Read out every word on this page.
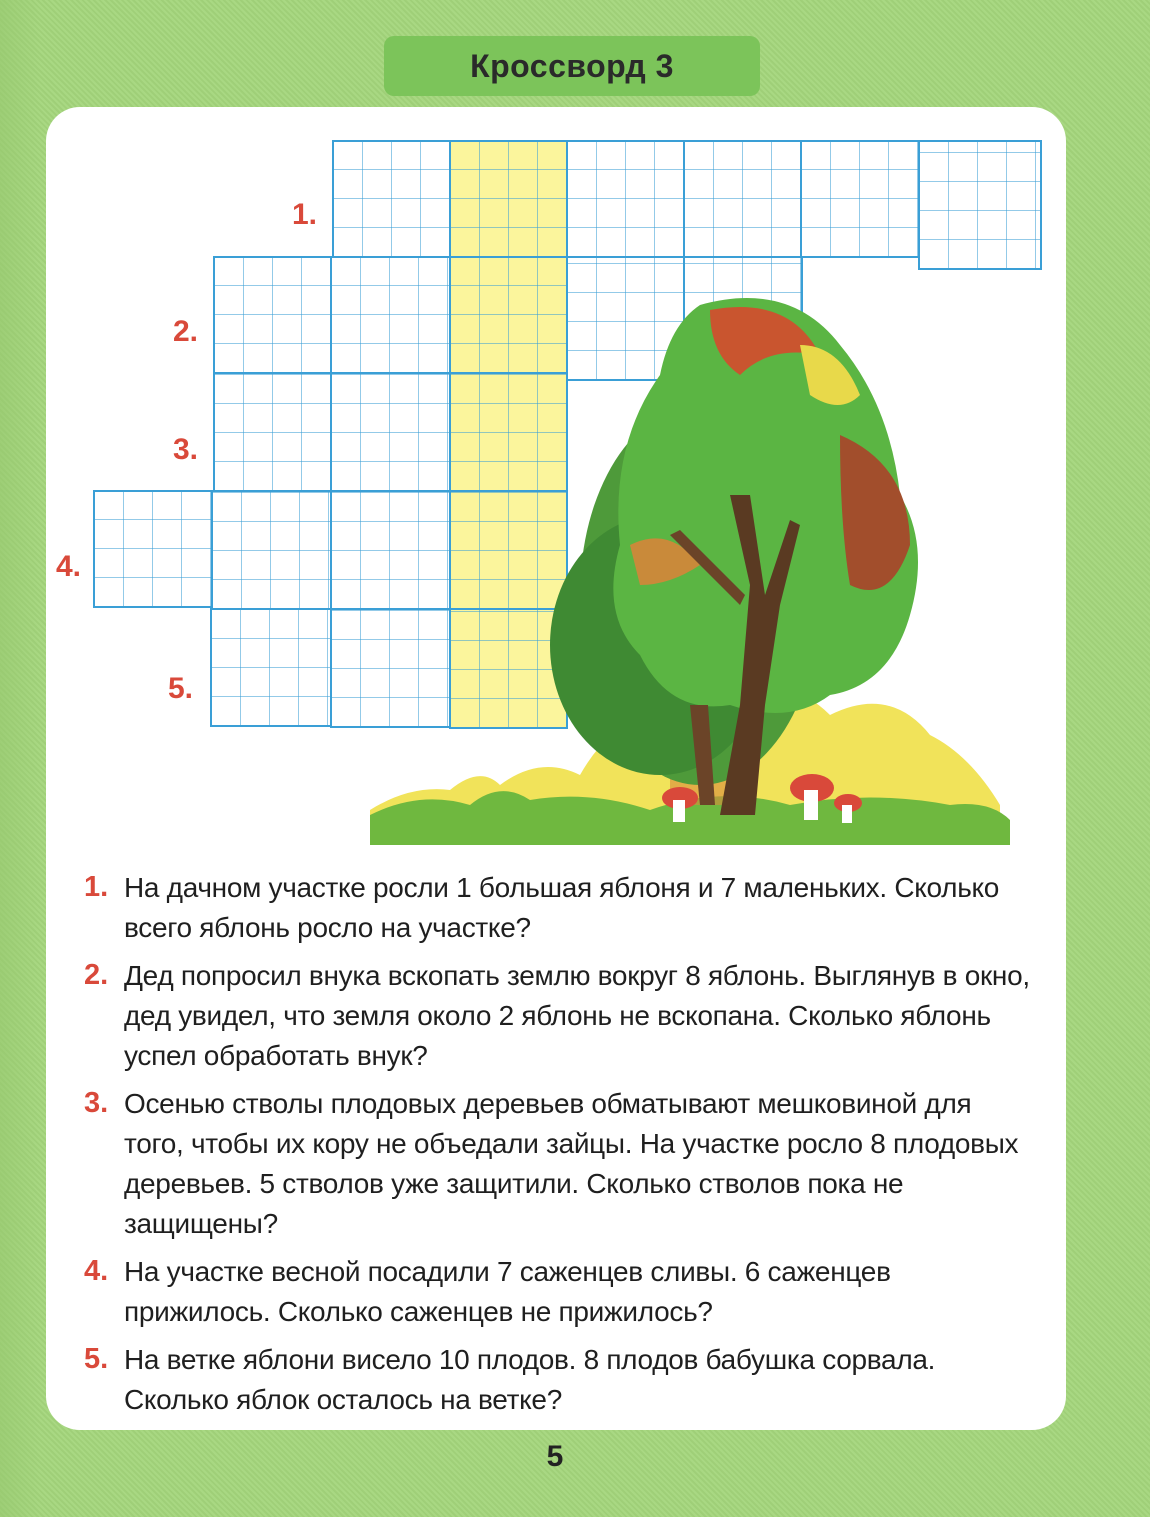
Кроссворд 3
1.
2.
3.
4.
5.
1. На дачном участке росли 1 большая яблоня и 7 маленьких. Сколько всего яблонь росло на участке?
2. Дед попросил внука вскопать землю вокруг 8 яблонь. Выглянув в окно, дед увидел, что земля около 2 яблонь не вскопана. Сколько яблонь успел обработать внук?
3. Осенью стволы плодовых деревьев обматывают мешковиной для того, чтобы их кору не объедали зайцы. На участке росло 8 плодовых деревьев. 5 стволов уже защитили. Сколько стволов пока не защищены?
4. На участке весной посадили 7 саженцев сливы. 6 саженцев прижилось. Сколько саженцев не прижилось?
5. На ветке яблони висело 10 плодов. 8 плодов бабушка сорвала. Сколько яблок осталось на ветке?
5
